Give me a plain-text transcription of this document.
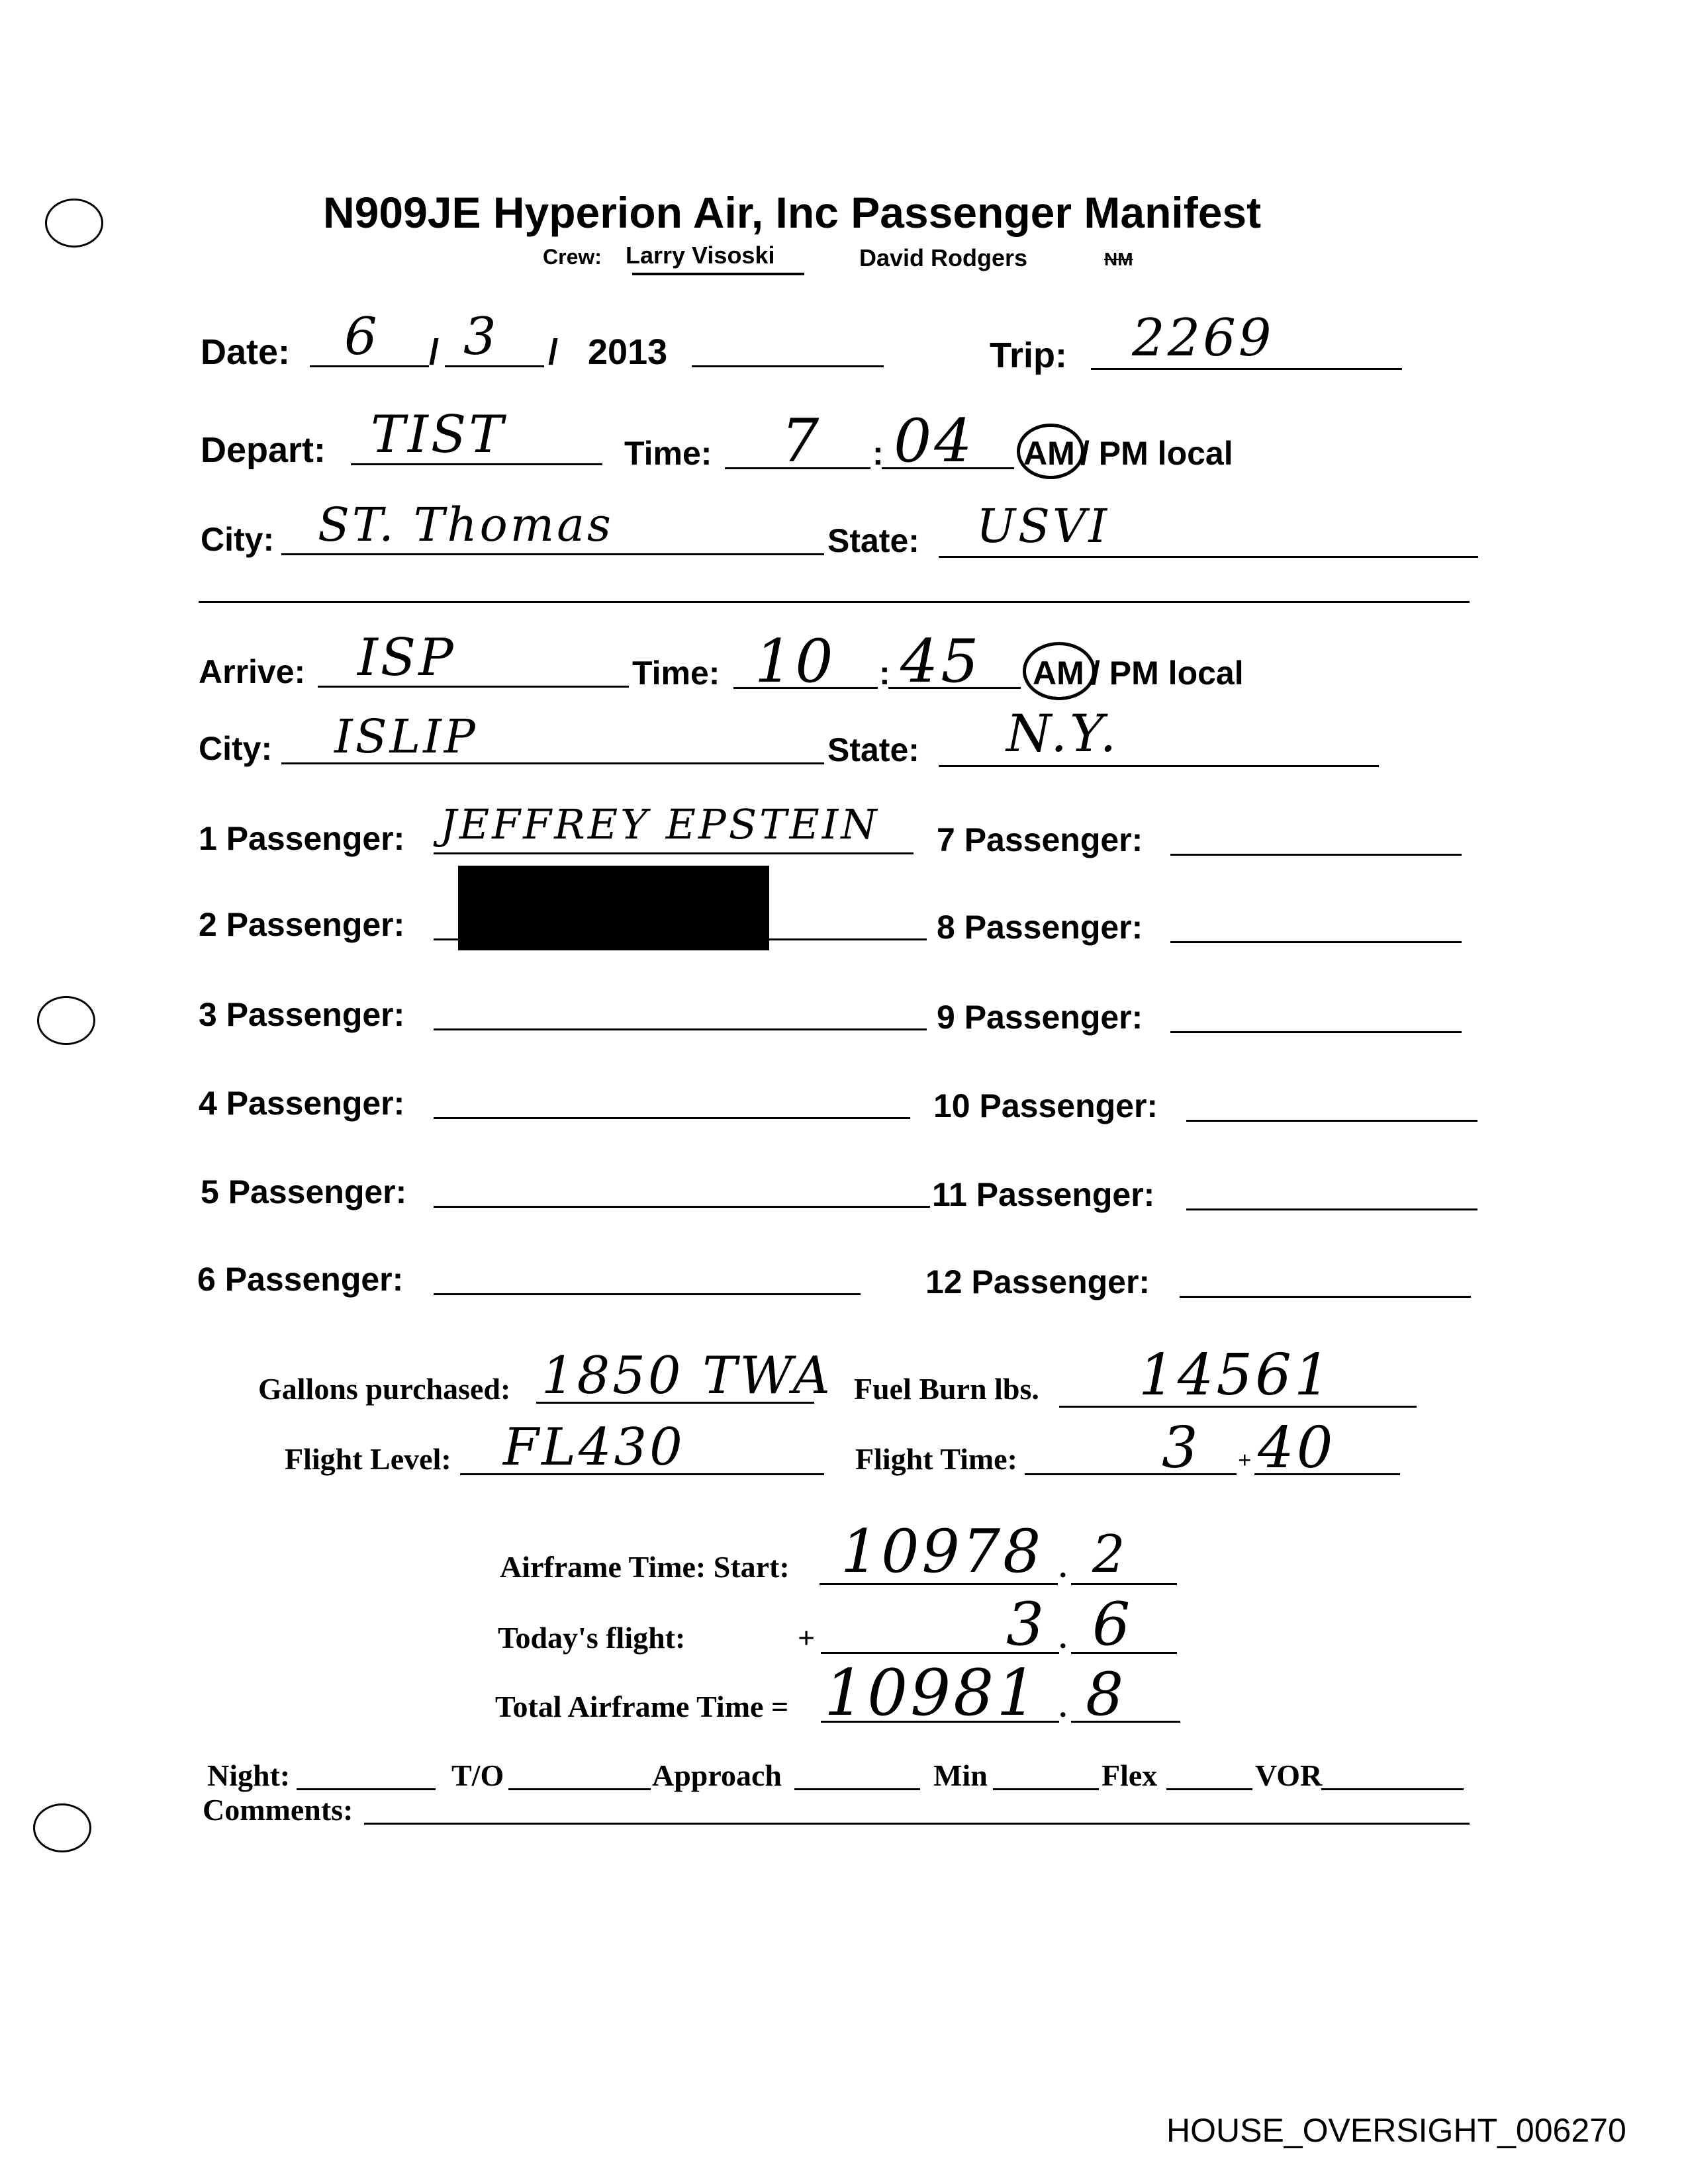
N909JE Hyperion Air, Inc Passenger Manifest
Crew: Larry Visoski	David Rodgers	NM
Date: 6 / 3 / 2013	Trip: 2269
Depart: TIST	Time: 7 : 04 AM / PM local
City: ST. Thomas	State: USVI
Arrive: ISP	Time: 10 : 45 AM / PM local
City: ISLIP	State: N.Y.
1 Passenger: JEFFREY EPSTEIN
2 Passenger:
3 Passenger:
4 Passenger:
5 Passenger:
6 Passenger:
7 Passenger:
8 Passenger:
9 Passenger:
10 Passenger:
11 Passenger:
12 Passenger:
Gallons purchased: 1850 TWA Fuel Burn lbs. 14561
Flight Level: FL430	Flight Time:	3 + 40
Airframe Time: Start: 10978 . 2
Today's flight:	+	3 . 6
Total Airframe Time = 10981 . 8
Night:	T/O	Approach	Min	Flex	VOR
Comments:
HOUSE_OVERSIGHT_006270
